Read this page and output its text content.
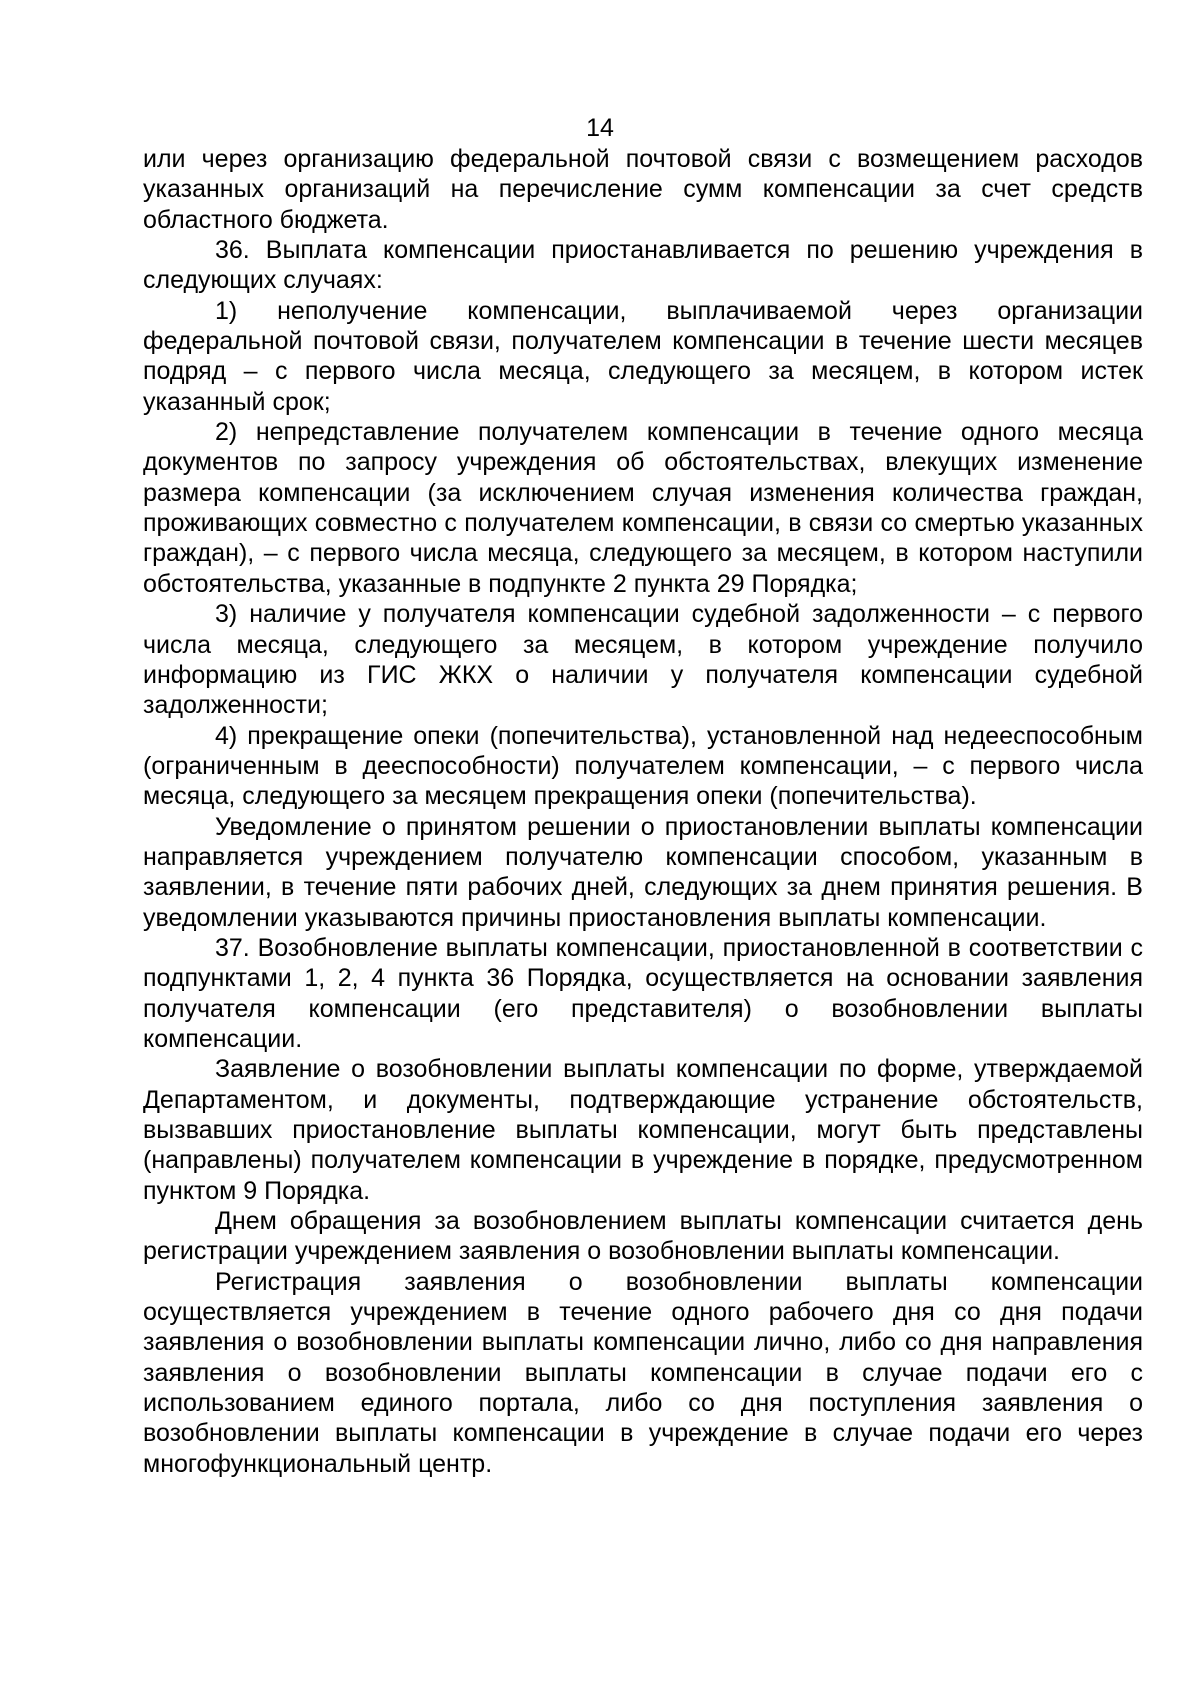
14

или через организацию федеральной почтовой связи с возмещением расходов указанных организаций на перечисление сумм компенсации за счет средств областного бюджета.

36. Выплата компенсации приостанавливается по решению учреждения в следующих случаях:

1) неполучение компенсации, выплачиваемой через организации федеральной почтовой связи, получателем компенсации в течение шести месяцев подряд – с первого числа месяца, следующего за месяцем, в котором истек указанный срок;

2) непредставление получателем компенсации в течение одного месяца документов по запросу учреждения об обстоятельствах, влекущих изменение размера компенсации (за исключением случая изменения количества граждан, проживающих совместно с получателем компенсации, в связи со смертью указанных граждан), – с первого числа месяца, следующего за месяцем, в котором наступили обстоятельства, указанные в подпункте 2 пункта 29 Порядка;

3) наличие у получателя компенсации судебной задолженности – с первого числа месяца, следующего за месяцем, в котором учреждение получило информацию из ГИС ЖКХ о наличии у получателя компенсации судебной задолженности;

4) прекращение опеки (попечительства), установленной над недееспособным (ограниченным в дееспособности) получателем компенсации, – с первого числа месяца, следующего за месяцем прекращения опеки (попечительства).

Уведомление о принятом решении о приостановлении выплаты компенсации направляется учреждением получателю компенсации способом, указанным в заявлении, в течение пяти рабочих дней, следующих за днем принятия решения. В уведомлении указываются причины приостановления выплаты компенсации.

37. Возобновление выплаты компенсации, приостановленной в соответствии с подпунктами 1, 2, 4 пункта 36 Порядка, осуществляется на основании заявления получателя компенсации (его представителя) о возобновлении выплаты компенсации.

Заявление о возобновлении выплаты компенсации по форме, утверждаемой Департаментом, и документы, подтверждающие устранение обстоятельств, вызвавших приостановление выплаты компенсации, могут быть представлены (направлены) получателем компенсации в учреждение в порядке, предусмотренном пунктом 9 Порядка.

Днем обращения за возобновлением выплаты компенсации считается день регистрации учреждением заявления о возобновлении выплаты компенсации.

Регистрация заявления о возобновлении выплаты компенсации осуществляется учреждением в течение одного рабочего дня со дня подачи заявления о возобновлении выплаты компенсации лично, либо со дня направления заявления о возобновлении выплаты компенсации в случае подачи его с использованием единого портала, либо со дня поступления заявления о возобновлении выплаты компенсации в учреждение в случае подачи его через многофункциональный центр.
